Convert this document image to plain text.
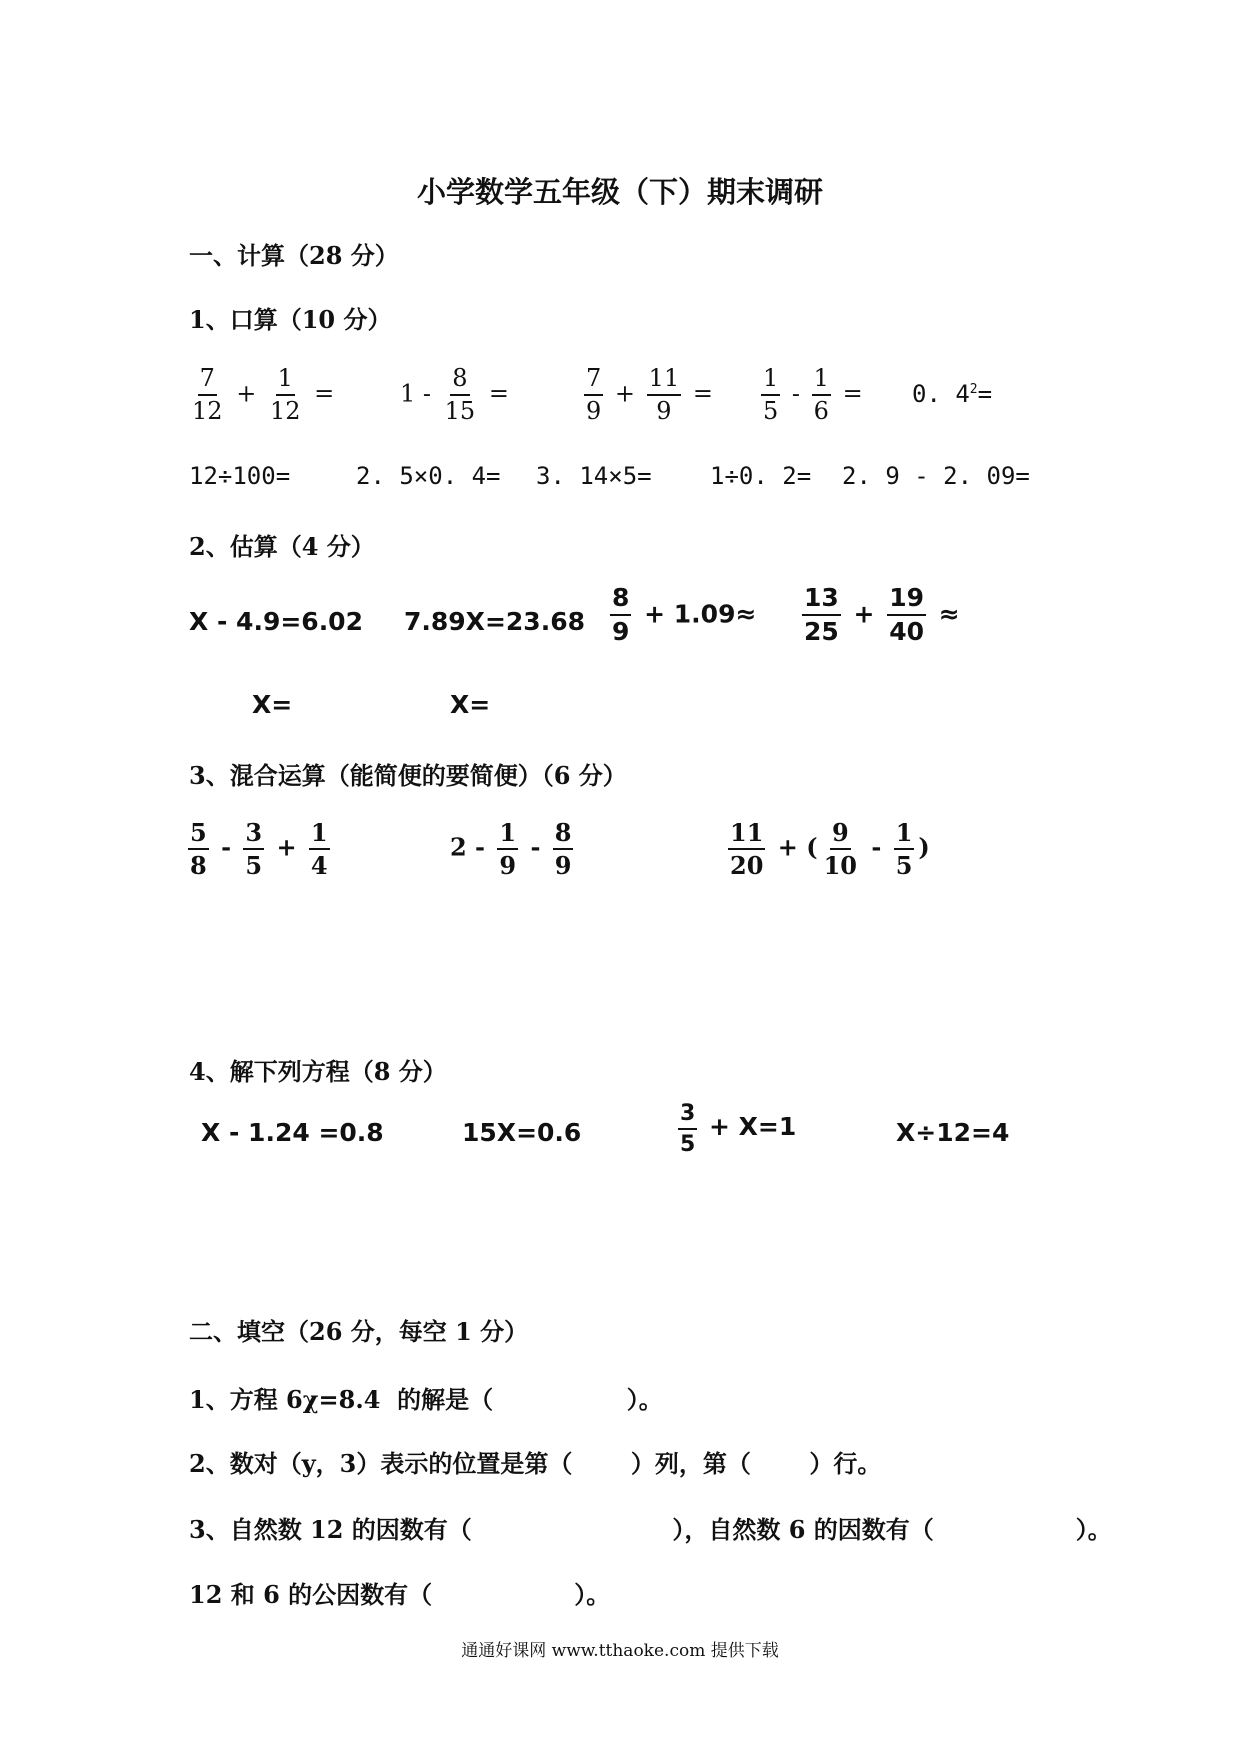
小学数学五年级（下）期末调研
一、计算（28 分）
1、口算（10 分）
$\frac{7}{12} + \frac{1}{12}$ =	$1 - \frac{8}{15}$ =	$\frac{7}{9} + \frac{11}{9} = \frac{1}{5} - \frac{1}{6} = 0$. $4^2=$
12÷100=	2. 5×0. 4= 3. 14×5= 1÷0. 2= 2. 9 - 2. 09=
2、估算（4 分）
X - 4.9=6.02 $7.89X=23.68 \frac{8}{9} + 1.09\approx \frac{13}{25} + \frac{19}{40}$ ≈
X=	X=
3、混合运算（能简便的要简便）（6 分）
$\frac{5}{8} - \frac{3}{5} + \frac{1}{4}$	$2 - \frac{1}{9} - \frac{8}{9}$	$\frac{11}{20}$ + ( $\frac{9}{10} - \frac{1}{5}$ )
4、解下列方程（8 分）
X - 1.24 =0.8	15X=0.6	$\frac{3}{5} + X=1$	X÷12=4
二、填空（26 分，每空 1 分）
1、方程 6χ=8.4  的解是（                ）。
2、数对（y，3）表示的位置是第（       ）列，第（       ）行。
3、自然数 12 的因数有（                        ），自然数 6 的因数有（                 ）。
12 和 6 的公因数有（                 ）。
通通好课网 www.tthaoke.com 提供下载
